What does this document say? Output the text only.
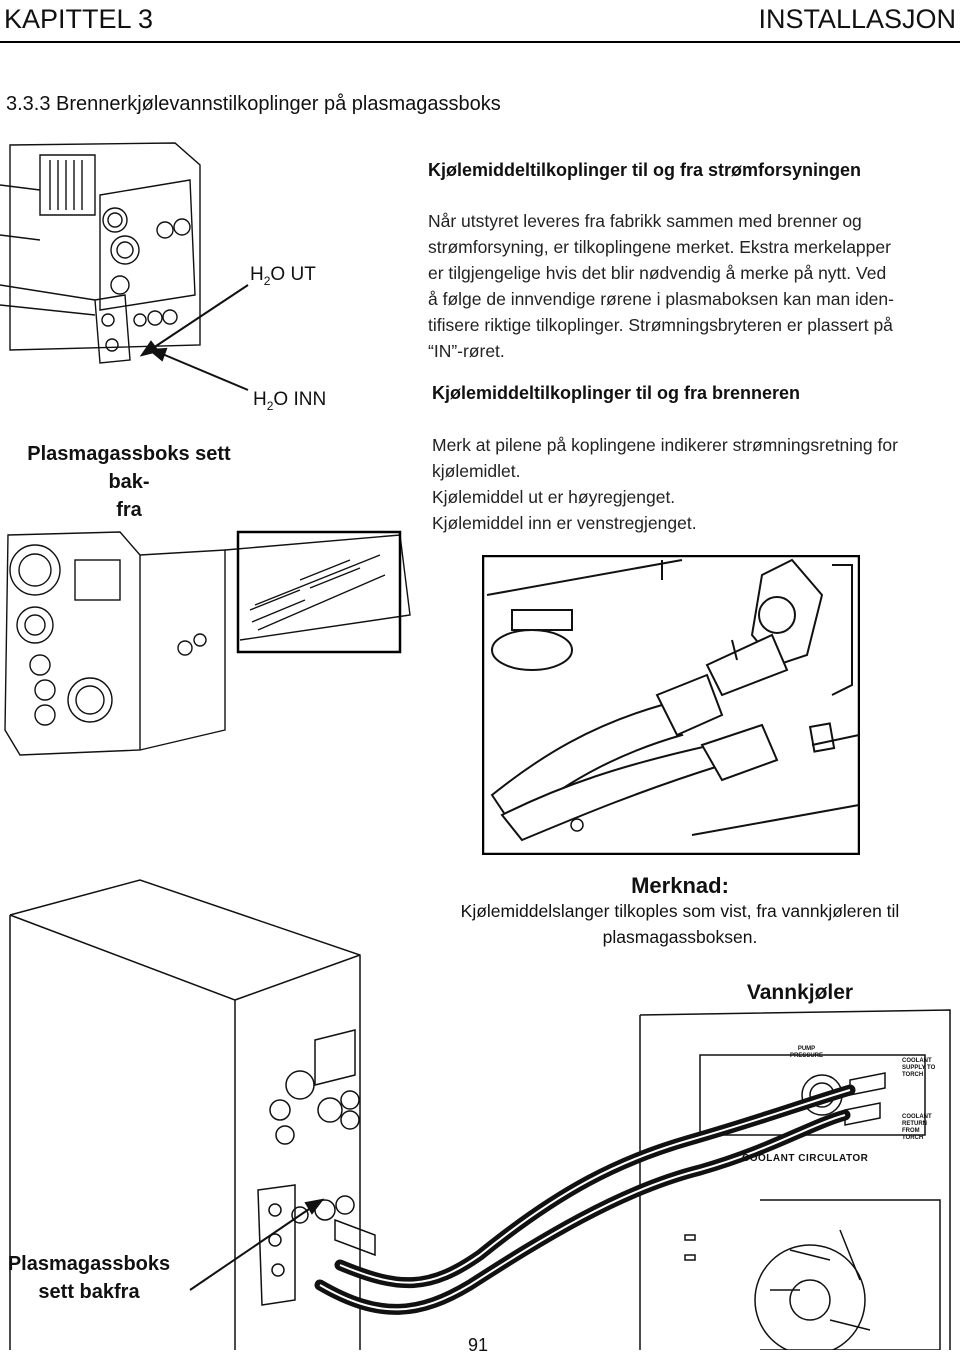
KAPITTEL 3	INSTALLASJON
3.3.3 Brennerkjølevannstilkoplinger på plasmagassboks
$H_2O$ UT
$H_2O$ INN
Plasmagassboks sett bak-
fra
Kjølemiddeltilkoplinger til og fra strømforsyningen
Når utstyret leveres fra fabrikk sammen med brenner og
strømforsyning, er tilkoplingene merket. Ekstra merkelapper
er tilgjengelige hvis det blir nødvendig å merke på nytt. Ved
å følge de innvendige rørene i plasmaboksen kan man iden-
tifisere riktige tilkoplinger. Strømningsbryteren er plassert på
“IN”-røret.
Kjølemiddeltilkoplinger til og fra brenneren
Merk at pilene på koplingene indikerer strømningsretning for
kjølemidlet.
Kjølemiddel ut er høyregjenget.
Kjølemiddel inn er venstregjenget.
Merknad:
Kjølemiddelslanger tilkoples som vist, fra vannkjøleren til
plasmagassboksen.
Vannkjøler
PUMP
PRESSURE
COOLANT
SUPPLY TO
TORCH
COOLANT
RETURN
FROM
TORCH
COOLANT CIRCULATOR
Plasmagassboks
sett bakfra
91
